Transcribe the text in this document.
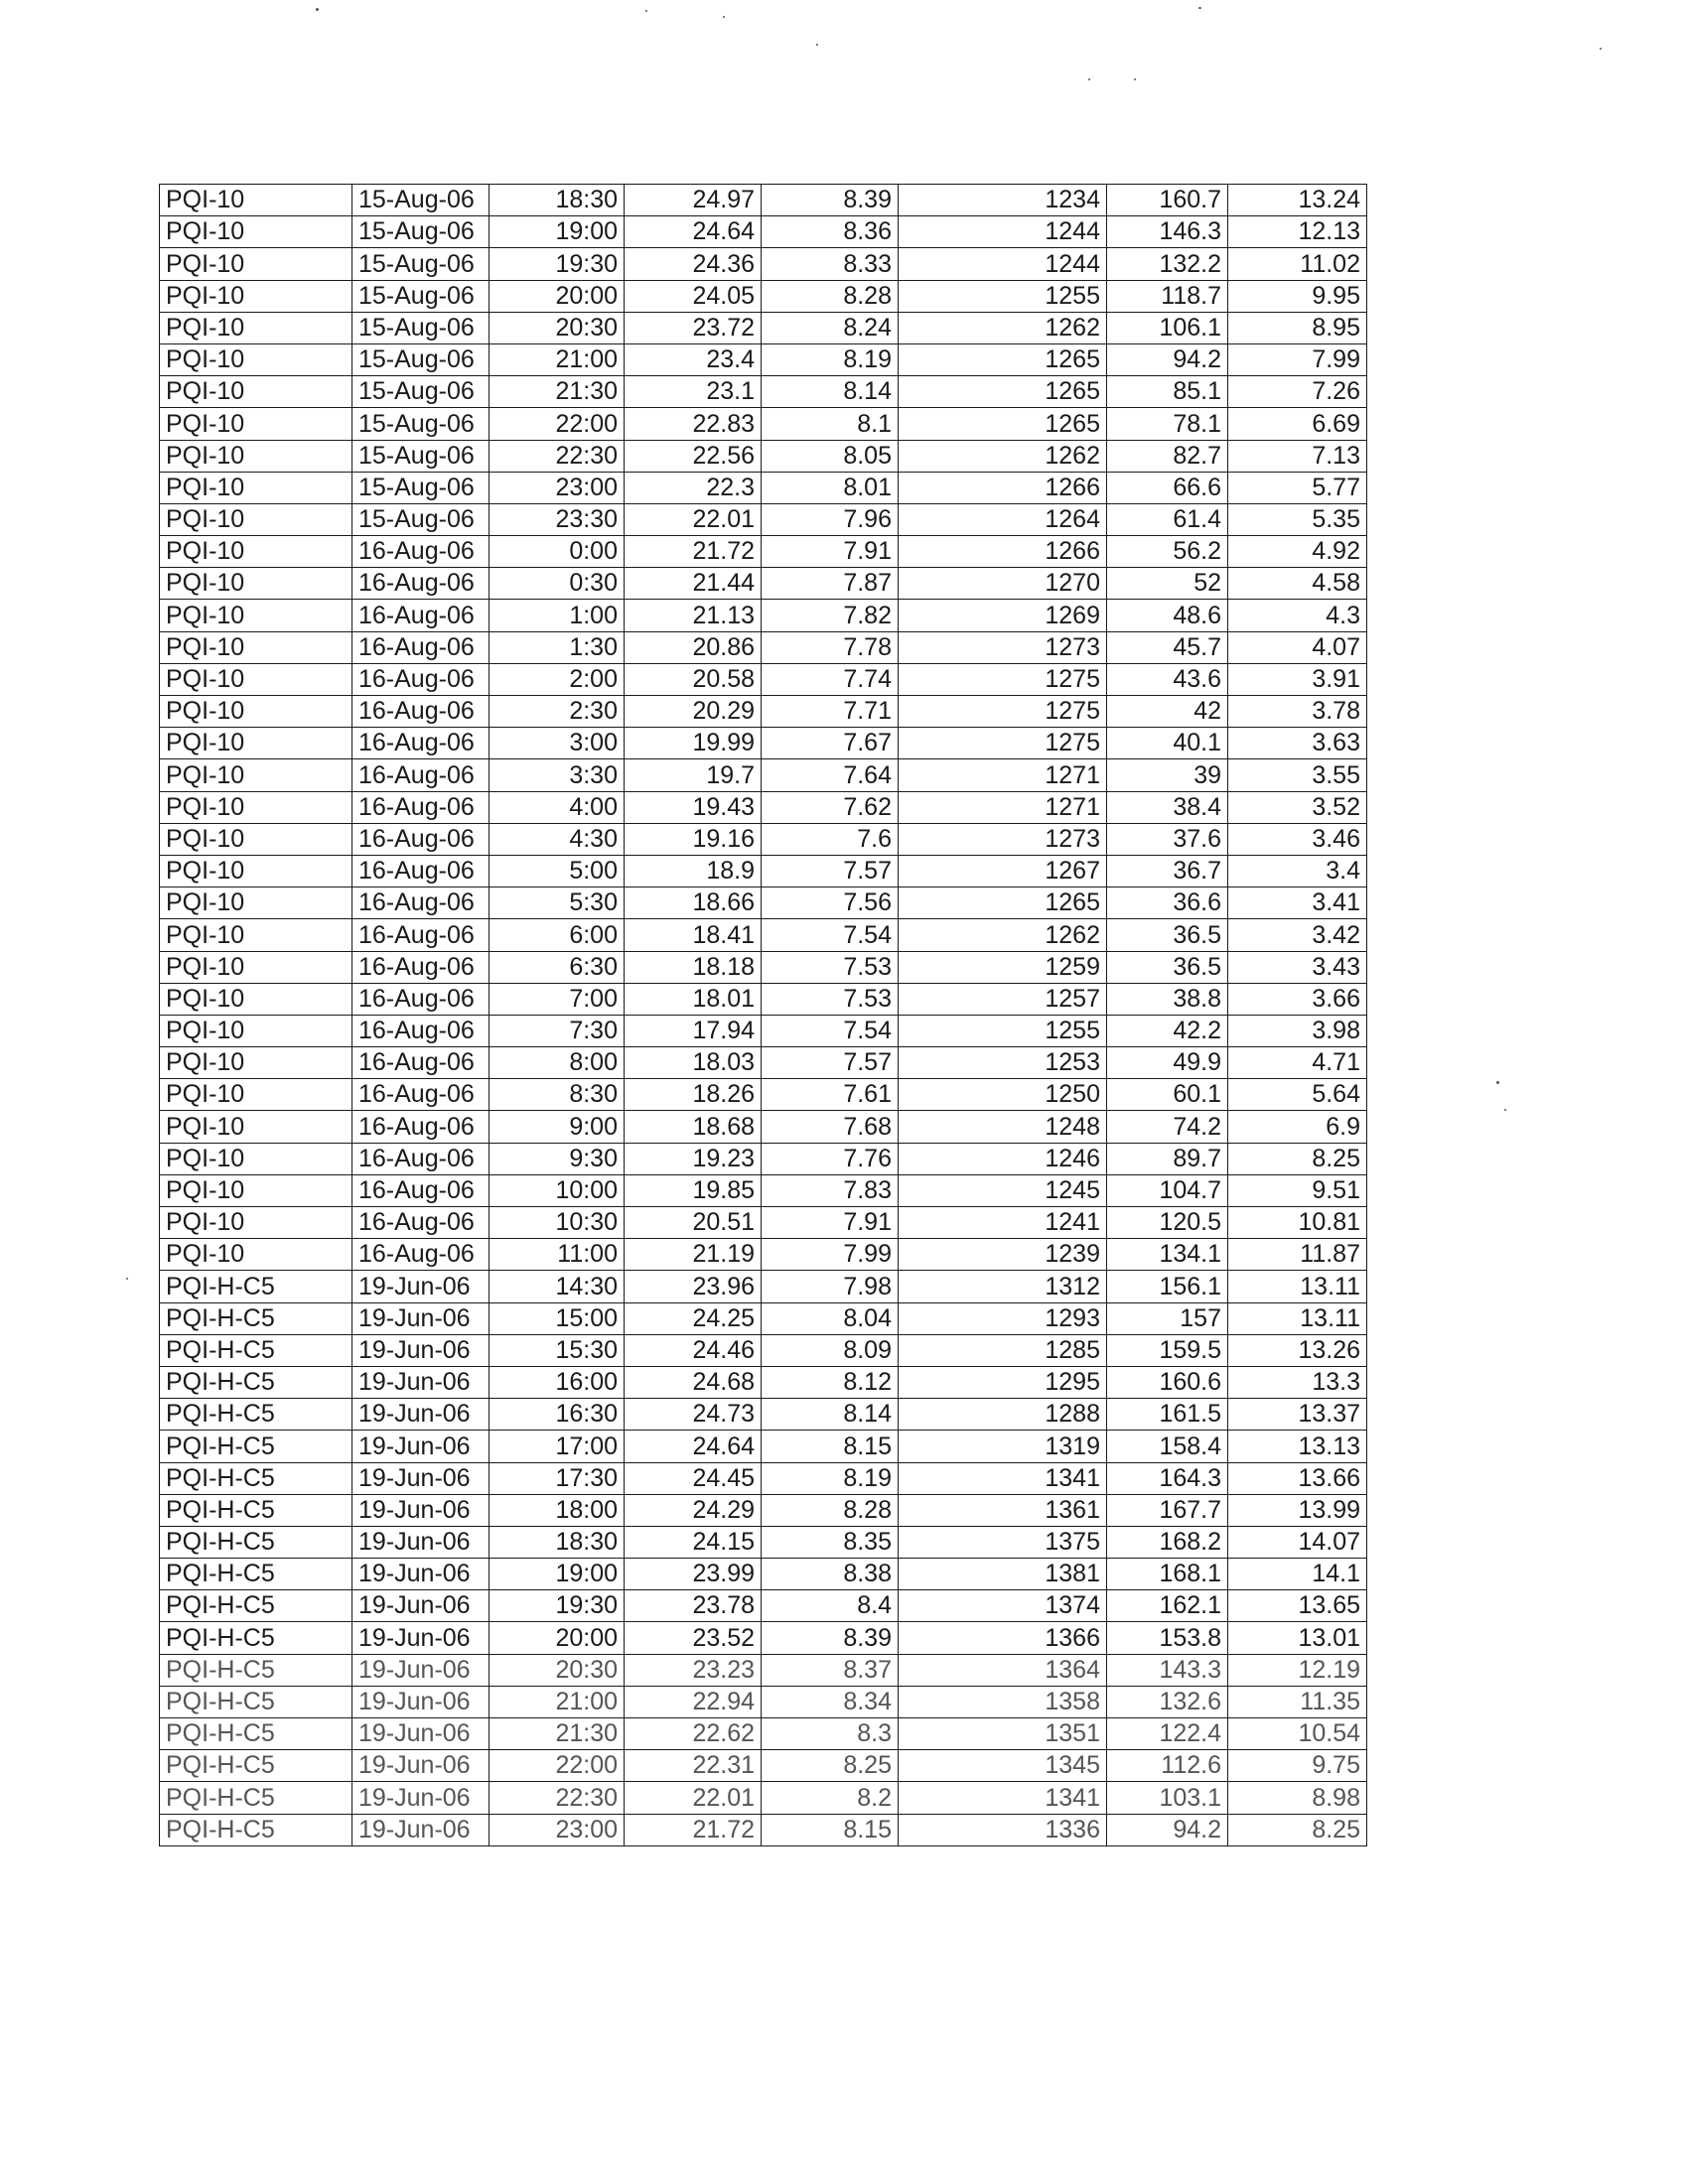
PQI-10	15-Aug-06	18:30	24.97	8.39	1234	160.7	13.24
PQI-10	15-Aug-06	19:00	24.64	8.36	1244	146.3	12.13
PQI-10	15-Aug-06	19:30	24.36	8.33	1244	132.2	11.02
PQI-10	15-Aug-06	20:00	24.05	8.28	1255	118.7	9.95
PQI-10	15-Aug-06	20:30	23.72	8.24	1262	106.1	8.95
PQI-10	15-Aug-06	21:00	23.4	8.19	1265	94.2	7.99
PQI-10	15-Aug-06	21:30	23.1	8.14	1265	85.1	7.26
PQI-10	15-Aug-06	22:00	22.83	8.1	1265	78.1	6.69
PQI-10	15-Aug-06	22:30	22.56	8.05	1262	82.7	7.13
PQI-10	15-Aug-06	23:00	22.3	8.01	1266	66.6	5.77
PQI-10	15-Aug-06	23:30	22.01	7.96	1264	61.4	5.35
PQI-10	16-Aug-06	0:00	21.72	7.91	1266	56.2	4.92
PQI-10	16-Aug-06	0:30	21.44	7.87	1270	52	4.58
PQI-10	16-Aug-06	1:00	21.13	7.82	1269	48.6	4.3
PQI-10	16-Aug-06	1:30	20.86	7.78	1273	45.7	4.07
PQI-10	16-Aug-06	2:00	20.58	7.74	1275	43.6	3.91
PQI-10	16-Aug-06	2:30	20.29	7.71	1275	42	3.78
PQI-10	16-Aug-06	3:00	19.99	7.67	1275	40.1	3.63
PQI-10	16-Aug-06	3:30	19.7	7.64	1271	39	3.55
PQI-10	16-Aug-06	4:00	19.43	7.62	1271	38.4	3.52
PQI-10	16-Aug-06	4:30	19.16	7.6	1273	37.6	3.46
PQI-10	16-Aug-06	5:00	18.9	7.57	1267	36.7	3.4
PQI-10	16-Aug-06	5:30	18.66	7.56	1265	36.6	3.41
PQI-10	16-Aug-06	6:00	18.41	7.54	1262	36.5	3.42
PQI-10	16-Aug-06	6:30	18.18	7.53	1259	36.5	3.43
PQI-10	16-Aug-06	7:00	18.01	7.53	1257	38.8	3.66
PQI-10	16-Aug-06	7:30	17.94	7.54	1255	42.2	3.98
PQI-10	16-Aug-06	8:00	18.03	7.57	1253	49.9	4.71
PQI-10	16-Aug-06	8:30	18.26	7.61	1250	60.1	5.64
PQI-10	16-Aug-06	9:00	18.68	7.68	1248	74.2	6.9
PQI-10	16-Aug-06	9:30	19.23	7.76	1246	89.7	8.25
PQI-10	16-Aug-06	10:00	19.85	7.83	1245	104.7	9.51
PQI-10	16-Aug-06	10:30	20.51	7.91	1241	120.5	10.81
PQI-10	16-Aug-06	11:00	21.19	7.99	1239	134.1	11.87
PQI-H-C5	19-Jun-06	14:30	23.96	7.98	1312	156.1	13.11
PQI-H-C5	19-Jun-06	15:00	24.25	8.04	1293	157	13.11
PQI-H-C5	19-Jun-06	15:30	24.46	8.09	1285	159.5	13.26
PQI-H-C5	19-Jun-06	16:00	24.68	8.12	1295	160.6	13.3
PQI-H-C5	19-Jun-06	16:30	24.73	8.14	1288	161.5	13.37
PQI-H-C5	19-Jun-06	17:00	24.64	8.15	1319	158.4	13.13
PQI-H-C5	19-Jun-06	17:30	24.45	8.19	1341	164.3	13.66
PQI-H-C5	19-Jun-06	18:00	24.29	8.28	1361	167.7	13.99
PQI-H-C5	19-Jun-06	18:30	24.15	8.35	1375	168.2	14.07
PQI-H-C5	19-Jun-06	19:00	23.99	8.38	1381	168.1	14.1
PQI-H-C5	19-Jun-06	19:30	23.78	8.4	1374	162.1	13.65
PQI-H-C5	19-Jun-06	20:00	23.52	8.39	1366	153.8	13.01
PQI-H-C5	19-Jun-06	20:30	23.23	8.37	1364	143.3	12.19
PQI-H-C5	19-Jun-06	21:00	22.94	8.34	1358	132.6	11.35
PQI-H-C5	19-Jun-06	21:30	22.62	8.3	1351	122.4	10.54
PQI-H-C5	19-Jun-06	22:00	22.31	8.25	1345	112.6	9.75
PQI-H-C5	19-Jun-06	22:30	22.01	8.2	1341	103.1	8.98
PQI-H-C5	19-Jun-06	23:00	21.72	8.15	1336	94.2	8.25
